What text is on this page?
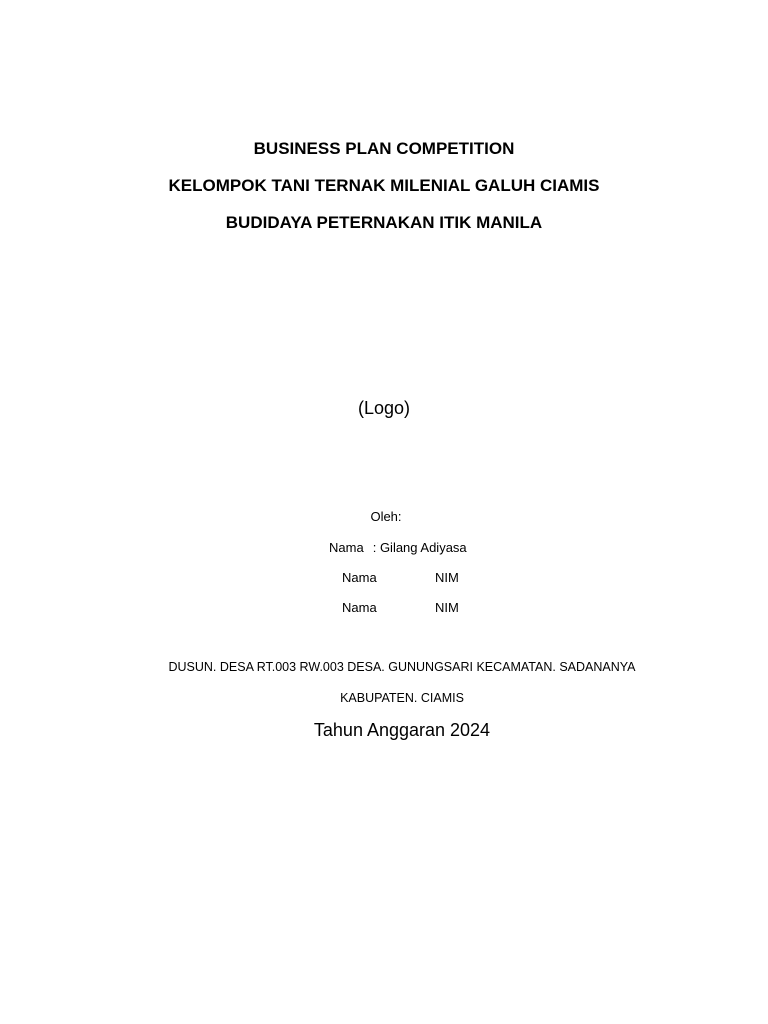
BUSINESS PLAN COMPETITION
KELOMPOK TANI TERNAK MILENIAL GALUH CIAMIS
BUDIDAYA PETERNAKAN ITIK MANILA
(Logo)
Oleh:
Nama : Gilang Adiyasa
Nama	NIM
Nama	NIM
DUSUN. DESA RT.003 RW.003 DESA. GUNUNGSARI KECAMATAN. SADANANYA
KABUPATEN. CIAMIS
Tahun Anggaran 2024
